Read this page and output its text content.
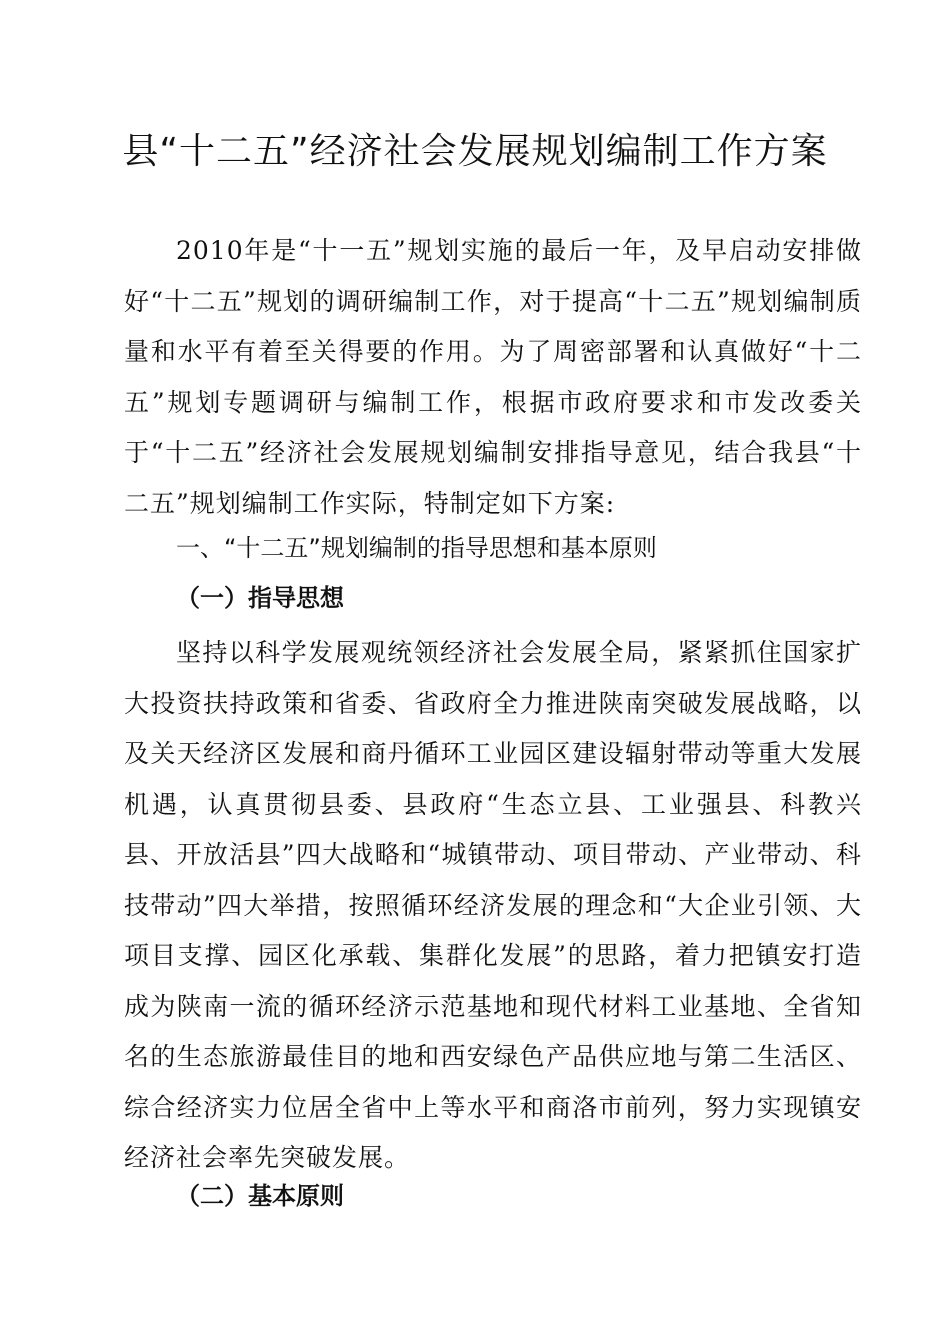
县“十二五”经济社会发展规划编制工作方案

2010年是“十一五”规划实施的最后一年，及早启动安排做好“十二五”规划的调研编制工作，对于提高“十二五”规划编制质量和水平有着至关得要的作用。为了周密部署和认真做好“十二五”规划专题调研与编制工作，根据市政府要求和市发改委关于“十二五”经济社会发展规划编制安排指导意见，结合我县“十二五”规划编制工作实际，特制定如下方案:

一、“十二五”规划编制的指导思想和基本原则
（一）指导思想

坚持以科学发展观统领经济社会发展全局，紧紧抓住国家扩大投资扶持政策和省委、省政府全力推进陕南突破发展战略，以及关天经济区发展和商丹循环工业园区建设辐射带动等重大发展机遇，认真贯彻县委、县政府“生态立县、工业强县、科教兴县、开放活县”四大战略和“城镇带动、项目带动、产业带动、科技带动”四大举措，按照循环经济发展的理念和“大企业引领、大项目支撑、园区化承载、集群化发展”的思路，着力把镇安打造成为陕南一流的循环经济示范基地和现代材料工业基地、全省知名的生态旅游最佳目的地和西安绿色产品供应地与第二生活区、综合经济实力位居全省中上等水平和商洛市前列，努力实现镇安经济社会率先突破发展。

（二）基本原则
